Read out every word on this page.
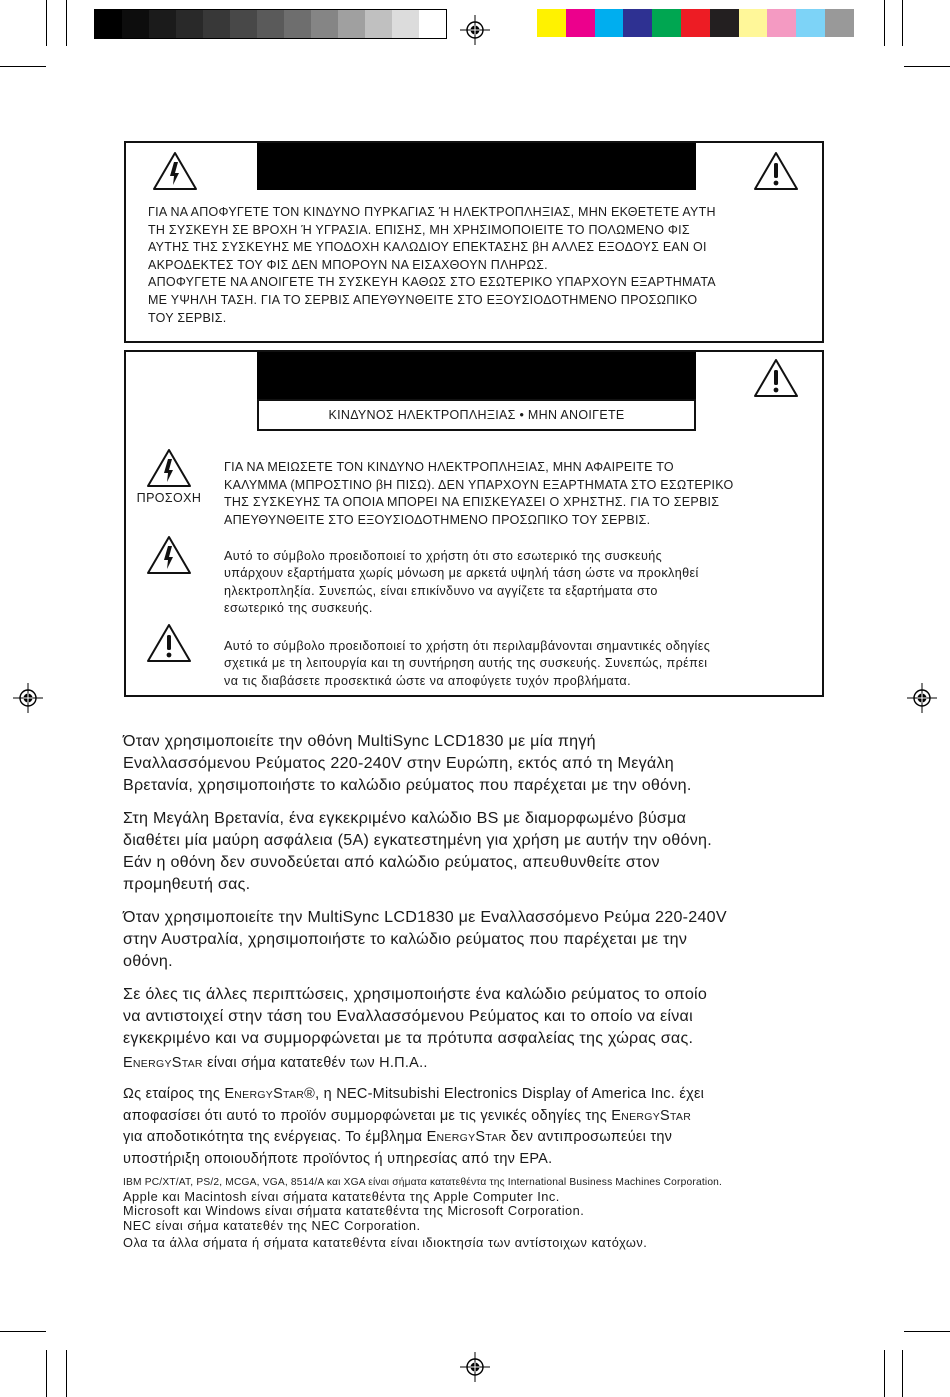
ΓΙΑ ΝΑ ΑΠΟΦΥΓΕΤΕ ΤΟΝ ΚΙΝΔΥΝΟ ΠΥΡΚΑΓΙΑΣ Ή ΗΛΕΚΤΡΟΠΛΗΞΙΑΣ, ΜΗΝ ΕΚΘΕΤΕΤΕ ΑΥΤΗ

ΤΗ ΣΥΣΚΕΥΗ ΣΕ ΒΡΟΧΗ Ή ΥΓΡΑΣΙΑ. ΕΠΙΣΗΣ, ΜΗ ΧΡΗΣΙΜΟΠΟΙΕΙΤΕ ΤΟ ΠΟΛΩΜΕΝΟ ΦΙΣ

ΑΥΤΗΣ ΤΗΣ ΣΥΣΚΕΥΗΣ ΜΕ ΥΠΟΔΟΧΗ ΚΑΛΩΔΙΟΥ ΕΠΕΚΤΑΣΗΣ βΗ ΑΛΛΕΣ ΕΞΟΔΟΥΣ ΕΑΝ ΟΙ

ΑΚΡΟΔΕΚΤΕΣ ΤΟΥ ΦΙΣ ΔΕΝ ΜΠΟΡΟΥΝ ΝΑ ΕΙΣΑΧΘΟΥΝ ΠΛΗΡΩΣ.

ΑΠΟΦΥΓΕΤΕ ΝΑ ΑΝΟΙΓΕΤΕ ΤΗ ΣΥΣΚΕΥΗ ΚΑΘΩΣ ΣΤΟ ΕΣΩΤΕΡΙΚΟ ΥΠΑΡΧΟΥΝ ΕΞΑΡΤΗΜΑΤΑ

ΜΕ ΥΨΗΛΗ ΤΑΣΗ. ΓΙΑ ΤΟ ΣΕΡΒΙΣ ΑΠΕΥΘΥΝΘΕΙΤΕ ΣΤΟ ΕΞΟΥΣΙΟΔΟΤΗΜΕΝΟ ΠΡΟΣΩΠΙΚΟ

ΤΟΥ ΣΕΡΒΙΣ.

ΚΙΝΔΥΝΟΣ ΗΛΕΚΤΡΟΠΛΗΞΙΑΣ • ΜΗΝ ΑΝΟΙΓΕΤΕ
ΠΡΟΣΟΧΗ

ΓΙΑ ΝΑ ΜΕΙΩΣΕΤΕ ΤΟΝ ΚΙΝΔΥΝΟ ΗΛΕΚΤΡΟΠΛΗΞΙΑΣ, ΜΗΝ ΑΦΑΙΡΕΙΤΕ ΤΟ

ΚΑΛΥΜΜΑ (ΜΠΡΟΣΤΙΝΟ βΗ ΠΙΣΩ). ΔΕΝ ΥΠΑΡΧΟΥΝ ΕΞΑΡΤΗΜΑΤΑ ΣΤΟ ΕΣΩΤΕΡΙΚΟ

ΤΗΣ ΣΥΣΚΕΥΗΣ ΤΑ ΟΠΟΙΑ ΜΠΟΡΕΙ ΝΑ ΕΠΙΣΚΕΥΑΣΕΙ Ο ΧΡΗΣΤΗΣ. ΓΙΑ ΤΟ ΣΕΡΒΙΣ

ΑΠΕΥΘΥΝΘΕΙΤΕ ΣΤΟ ΕΞΟΥΣΙΟΔΟΤΗΜΕΝΟ ΠΡΟΣΩΠΙΚΟ ΤΟΥ ΣΕΡΒΙΣ.

Αυτό το σύμβολο προειδοποιεί το χρήστη ότι στο εσωτερικό της συσκευής

υπάρχουν εξαρτήματα χωρίς μόνωση με αρκετά υψηλή τάση ώστε να προκληθεί

ηλεκτροπληξία. Συνεπώς, είναι επικίνδυνο να αγγίζετε τα εξαρτήματα στο

εσωτερικό της συσκευής.

Αυτό το σύμβολο προειδοποιεί το χρήστη ότι περιλαμβάνονται σημαντικές οδηγίες

σχετικά με τη λειτουργία και τη συντήρηση αυτής της συσκευής. Συνεπώς, πρέπει

να τις διαβάσετε προσεκτικά ώστε να αποφύγετε τυχόν προβλήματα.

Όταν χρησιμοποιείτε την οθόνη MultiSync LCD1830 με μία πηγή
Εναλλασσόμενου Ρεύματος 220-240V στην Ευρώπη, εκτός από τη Μεγάλη
Βρετανία, χρησιμοποιήστε το καλώδιο ρεύματος που παρέχεται με την οθόνη.
Στη Μεγάλη Βρετανία, ένα εγκεκριμένο καλώδιο BS με διαμορφωμένο βύσμα
διαθέτει μία μαύρη ασφάλεια (5A) εγκατεστημένη για χρήση με αυτήν την οθόνη.
Εάν η οθόνη δεν συνοδεύεται από καλώδιο ρεύματος, απευθυνθείτε στον
προμηθευτή σας.
Όταν χρησιμοποιείτε την MultiSync LCD1830 με Εναλλασσόμενο Ρεύμα 220-240V
στην Αυστραλία, χρησιμοποιήστε το καλώδιο ρεύματος που παρέχεται με την
οθόνη.
Σε όλες τις άλλες περιπτώσεις, χρησιμοποιήστε ένα καλώδιο ρεύματος το οποίο
να αντιστοιχεί στην τάση του Εναλλασσόμενου Ρεύματος και το οποίο να είναι
εγκεκριμένο και να συμμορφώνεται με τα πρότυπα ασφαλείας της χώρας σας.
ENERGYSTAR είναι σήμα κατατεθέν των Η.Π.Α..
Ως εταίρος της ENERGYSTAR®, η NEC-Mitsubishi Electronics Display of America Inc. έχει
αποφασίσει ότι αυτό το προϊόν συμμορφώνεται με τις γενικές οδηγίες της ENERGYSTAR
για αποδοτικότητα της ενέργειας. Το έμβλημα ENERGYSTAR δεν αντιπροσωπεύει την
υποστήριξη οποιουδήποτε προϊόντος ή υπηρεσίας από την EPA.

IBM PC/XT/AT, PS/2, MCGA, VGA, 8514/A και XGA είναι σήματα κατατεθέντα της International Business Machines Corporation.

Apple και Macintosh είναι σήματα κατατεθέντα της Apple Computer Inc.

Microsoft και Windows είναι σήματα κατατεθέντα της Microsoft Corporation.

NEC είναι σήμα κατατεθέν της NEC Corporation.

Ολα τα άλλα σήματα ή σήματα κατατεθέντα είναι ιδιοκτησία των αντίστοιχων κατόχων.
